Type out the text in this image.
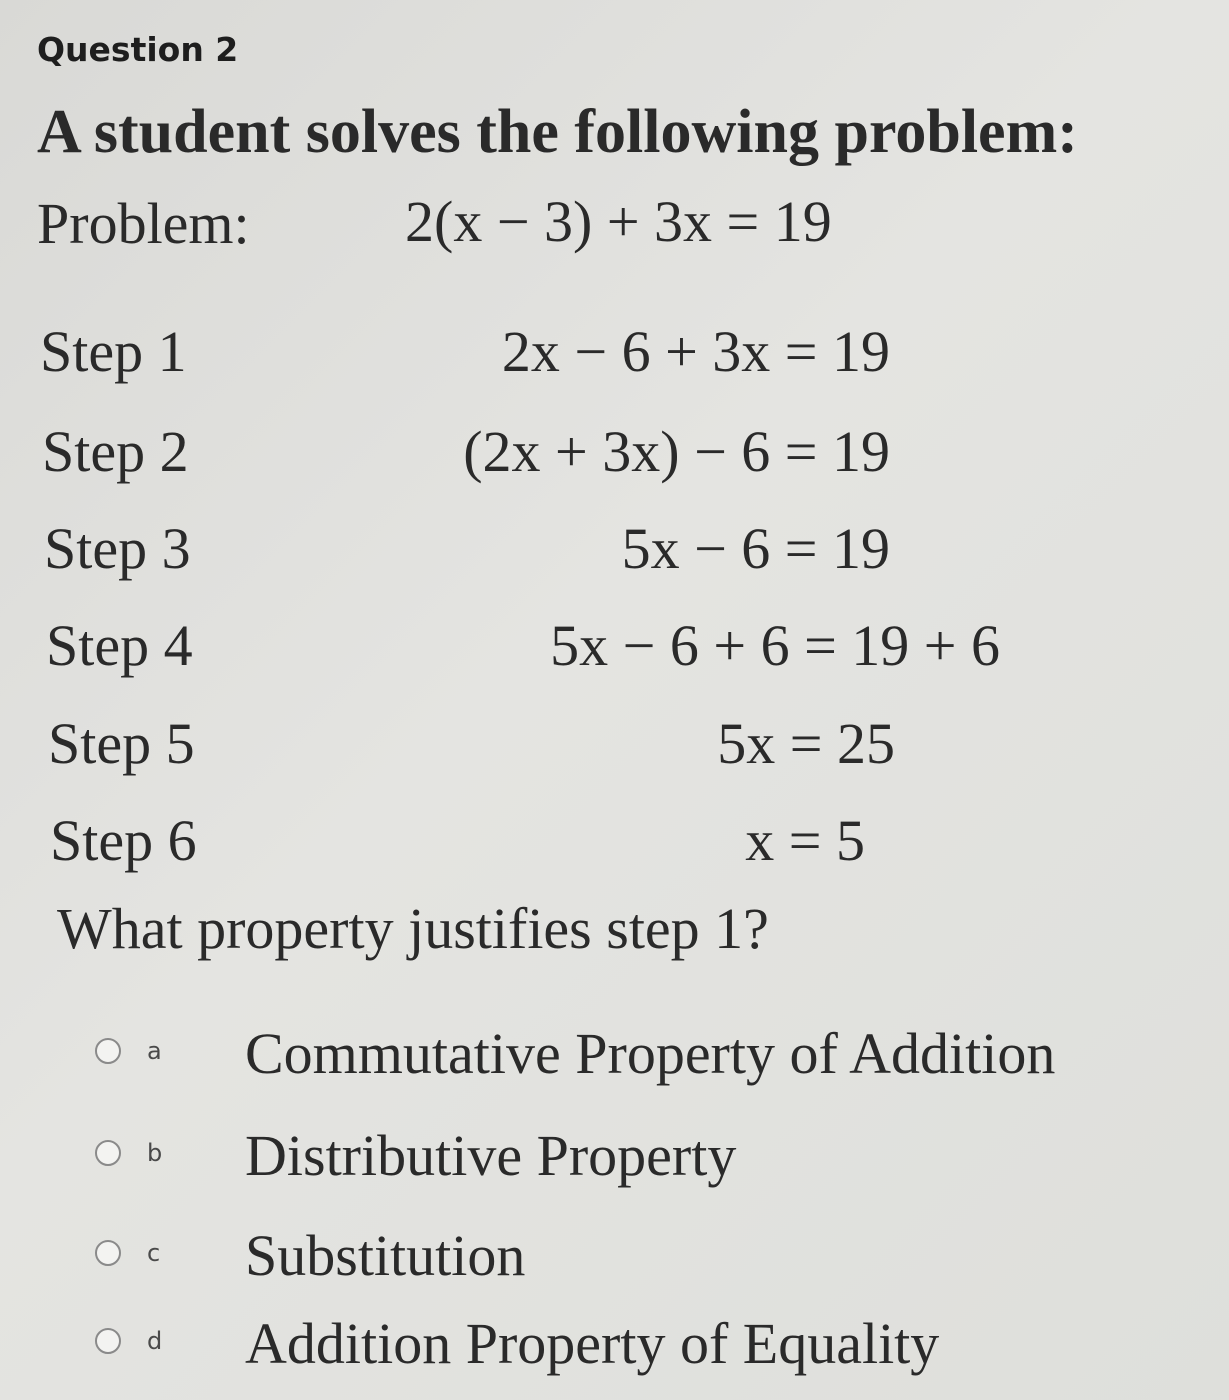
Question 2
A student solves the following problem:
Problem:	2(x − 3) + 3x = 19
Step 1	2x − 6 + 3x = 19
Step 2	(2x + 3x) − 6 = 19
Step 3	5x − 6 = 19
Step 4	5x − 6 + 6 = 19 + 6
Step 5	5x = 25
Step 6	x = 5
What property justifies step 1?
a Commutative Property of Addition
b Distributive Property
c Substitution
d Addition Property of Equality
